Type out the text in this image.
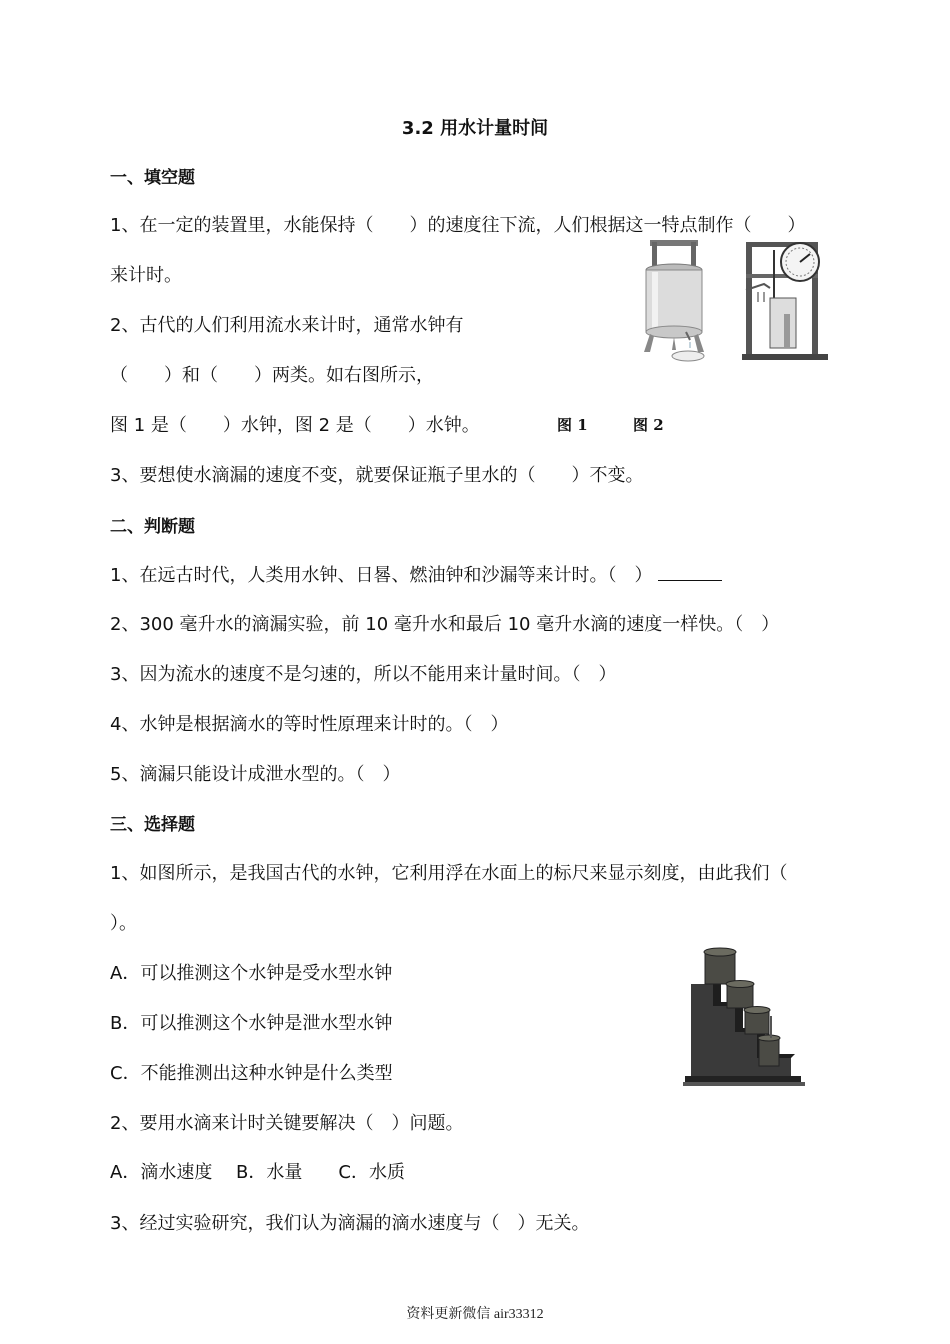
3.2 用水计量时间
一、填空题
1、在一定的装置里，水能保持（　　）的速度往下流，人们根据这一特点制作（　　）
来计时。
2、古代的人们利用流水来计时，通常水钟有
（　　）和（　　）两类。如右图所示，
图 1 是（　　）水钟，图 2 是（　　）水钟。	图 1	图 2
3、要想使水滴漏的速度不变，就要保证瓶子里水的（　　）不变。
二、判断题
1、在远古时代，人类用水钟、日晷、燃油钟和沙漏等来计时。（　）
2、300 毫升水的滴漏实验，前 10 毫升水和最后 10 毫升水滴的速度一样快。（　）
3、因为流水的速度不是匀速的，所以不能用来计量时间。（　）
4、水钟是根据滴水的等时性原理来计时的。（　）
5、滴漏只能设计成泄水型的。（　）
三、选择题
1、如图所示，是我国古代的水钟，它利用浮在水面上的标尺来显示刻度，由此我们（
）。
A．可以推测这个水钟是受水型水钟
B．可以推测这个水钟是泄水型水钟
C．不能推测出这种水钟是什么类型
2、要用水滴来计时关键要解决（　）问题。
A．滴水速度　 B．水量　　C．水质
3、经过实验研究，我们认为滴漏的滴水速度与（　）无关。
资料更新微信 air33312
